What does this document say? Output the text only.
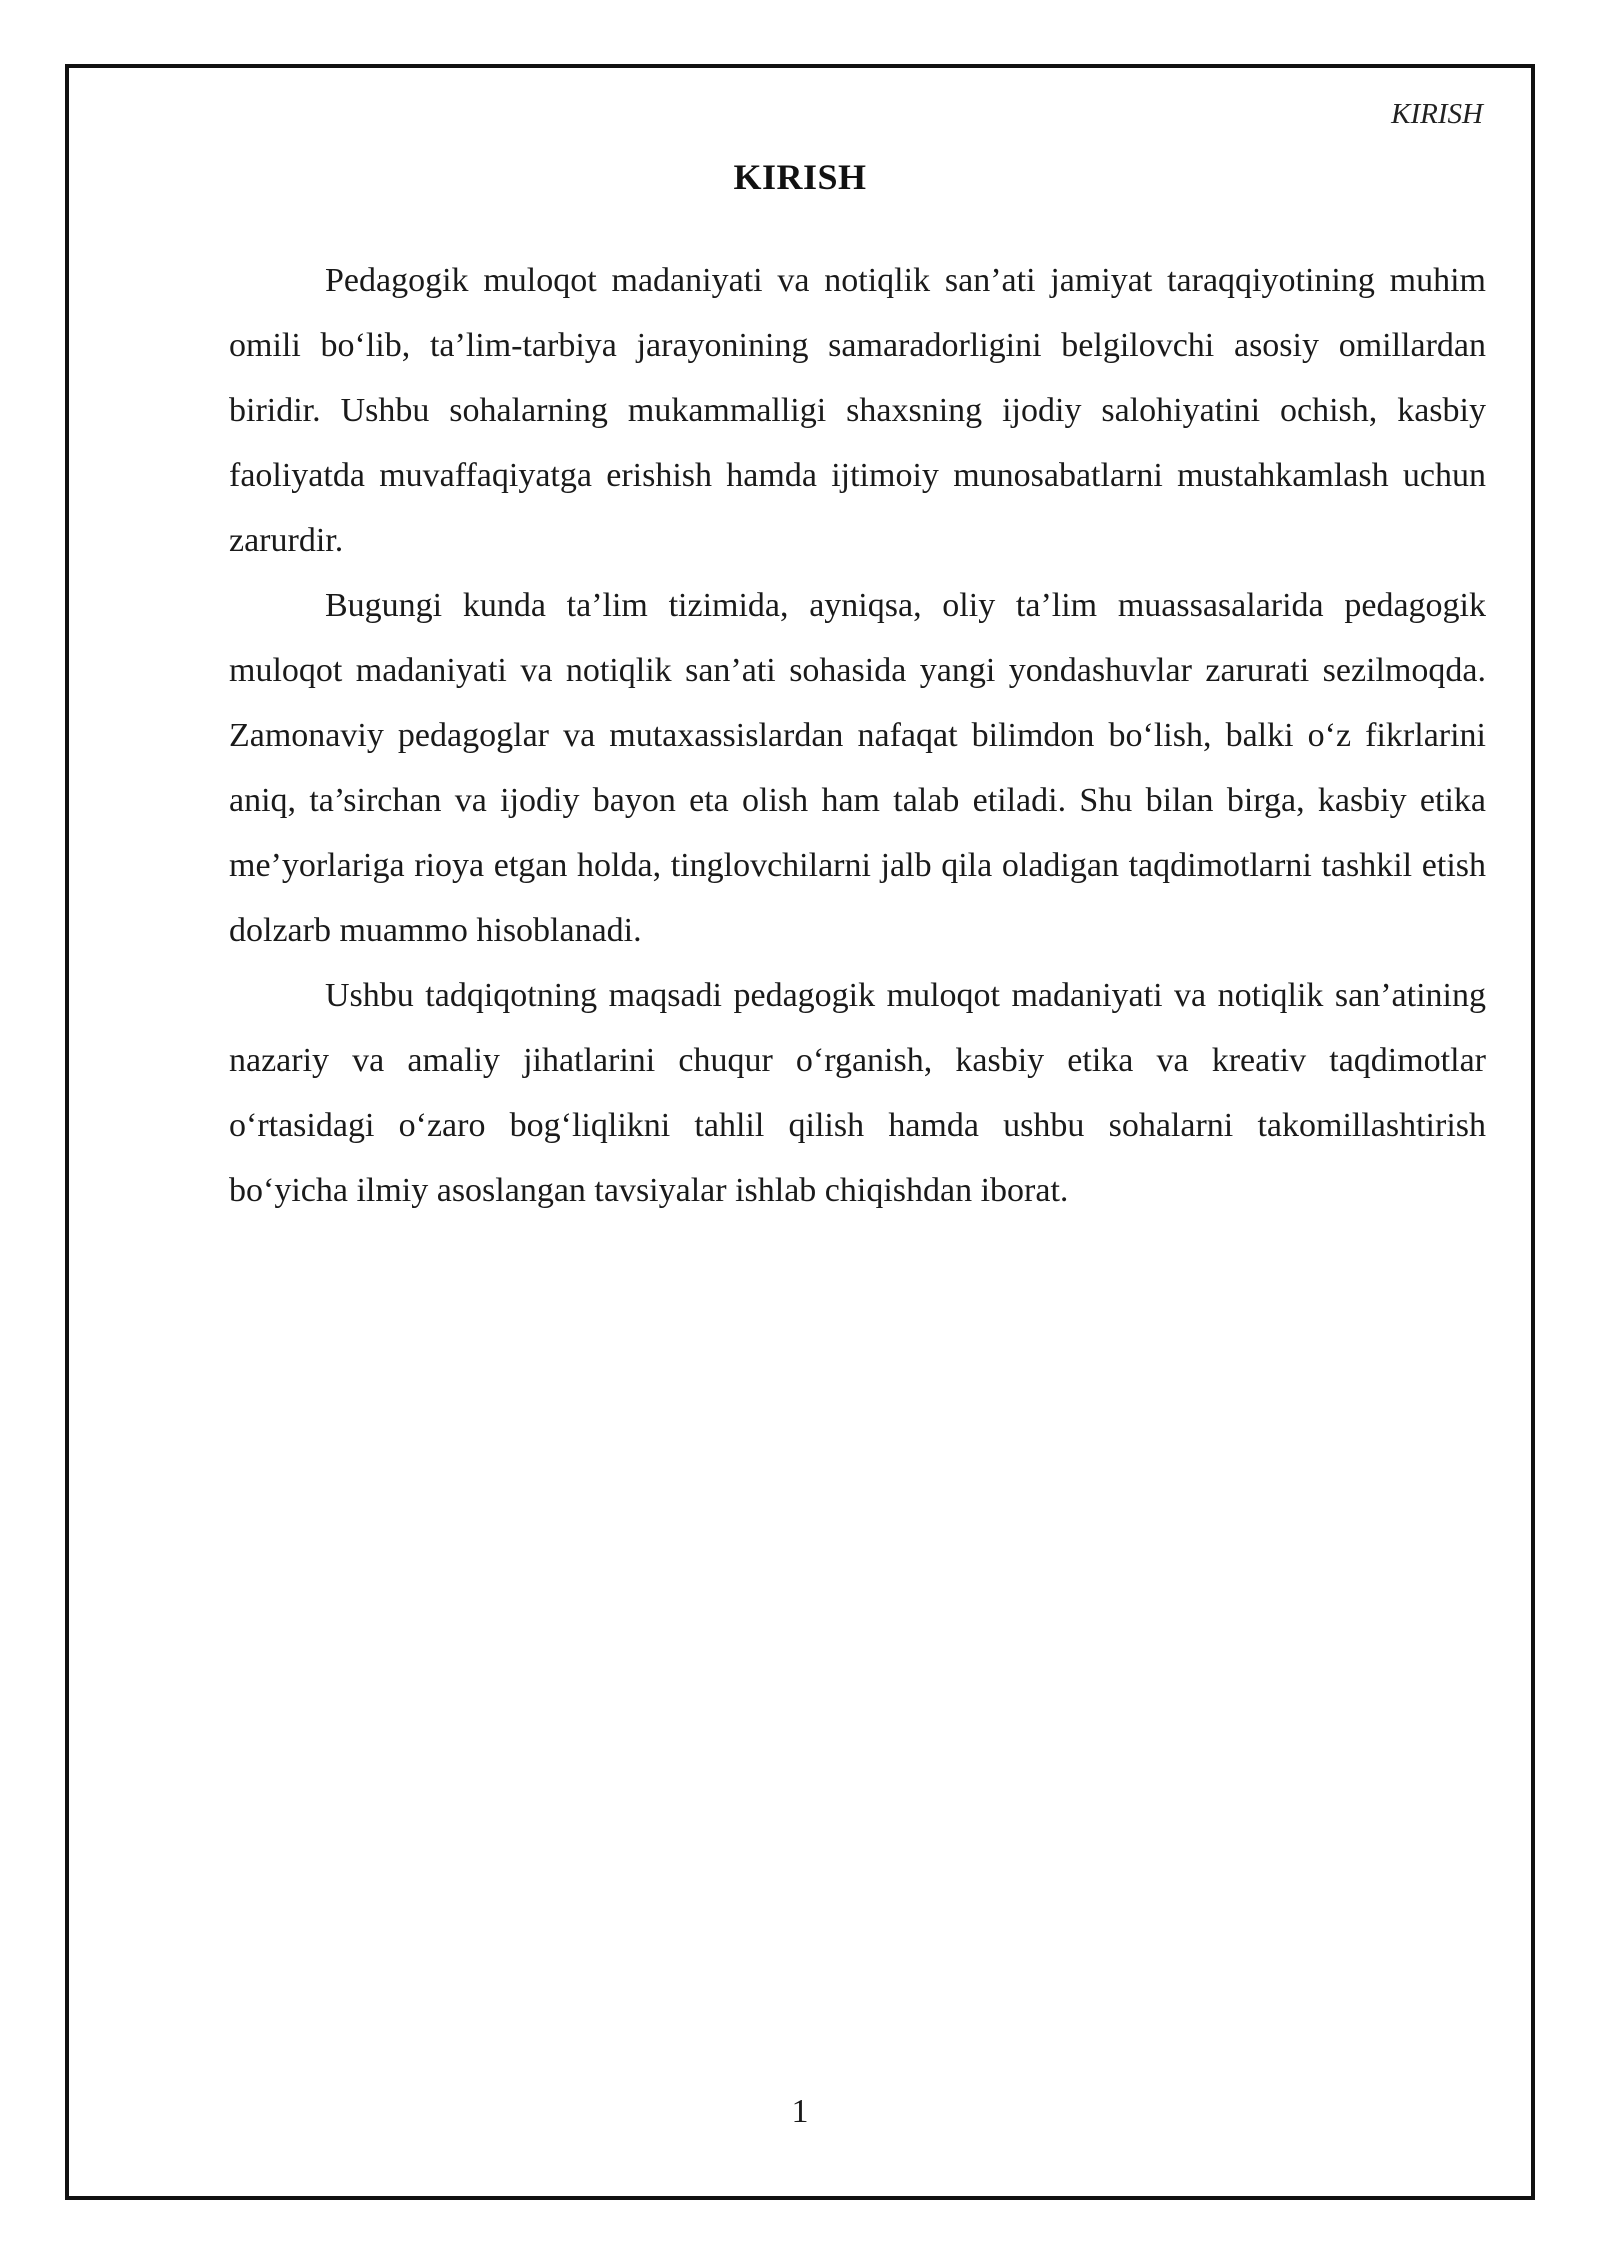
KIRISH
KIRISH

Pedagogik muloqot madaniyati va notiqlik san’ati jamiyat taraqqiyotining muhim omili bo‘lib, ta’lim-tarbiya jarayonining samaradorligini belgilovchi asosiy omillardan biridir. Ushbu sohalarning mukammalligi shaxsning ijodiy salohiyatini ochish, kasbiy faoliyatda muvaffaqiyatga erishish hamda ijtimoiy munosabatlarni mustahkamlash uchun zarurdir.

Bugungi kunda ta’lim tizimida, ayniqsa, oliy ta’lim muassasalarida pedagogik muloqot madaniyati va notiqlik san’ati sohasida yangi yondashuvlar zarurati sezilmoqda. Zamonaviy pedagoglar va mutaxassislardan nafaqat bilimdon bo‘lish, balki o‘z fikrlarini aniq, ta’sirchan va ijodiy bayon eta olish ham talab etiladi. Shu bilan birga, kasbiy etika me’yorlariga rioya etgan holda, tinglovchilarni jalb qila oladigan taqdimotlarni tashkil etish dolzarb muammo hisoblanadi.

Ushbu tadqiqotning maqsadi pedagogik muloqot madaniyati va notiqlik san’atining nazariy va amaliy jihatlarini chuqur o‘rganish, kasbiy etika va kreativ taqdimotlar o‘rtasidagi o‘zaro bog‘liqlikni tahlil qilish hamda ushbu sohalarni takomillashtirish bo‘yicha ilmiy asoslangan tavsiyalar ishlab chiqishdan iborat.

1
